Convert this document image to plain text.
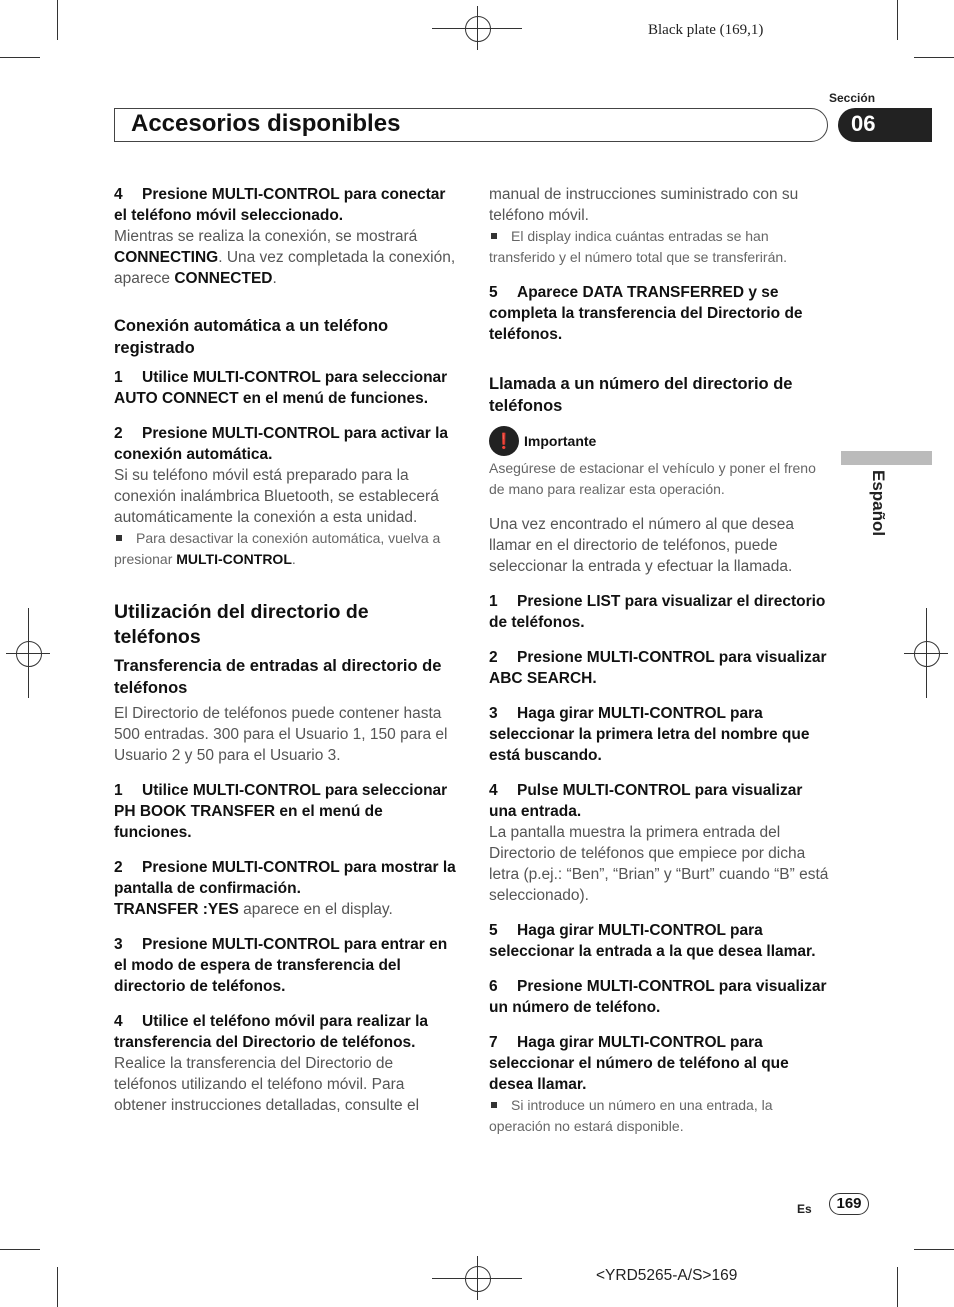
Black plate (169,1)
Sección
Accesorios disponibles	06
Español

4 Presione MULTI-CONTROL para conectar el teléfono móvil seleccionado.

Mientras se realiza la conexión, se mostrará CONNECTING. Una vez completada la conexión, aparece CONNECTED.

Conexión automática a un teléfono registrado

1 Utilice MULTI-CONTROL para seleccionar AUTO CONNECT en el menú de funciones.

2 Presione MULTI-CONTROL para activar la conexión automática.

Si su teléfono móvil está preparado para la conexión inalámbrica Bluetooth, se establecerá automáticamente la conexión a esta unidad.

Para desactivar la conexión automática, vuelva a presionar MULTI-CONTROL.

Utilización del directorio de teléfonos

Transferencia de entradas al directorio de teléfonos

El Directorio de teléfonos puede contener hasta 500 entradas. 300 para el Usuario 1, 150 para el Usuario 2 y 50 para el Usuario 3.

1 Utilice MULTI-CONTROL para seleccionar PH BOOK TRANSFER en el menú de funciones.

2 Presione MULTI-CONTROL para mostrar la pantalla de confirmación.

TRANSFER :YES aparece en el display.

3 Presione MULTI-CONTROL para entrar en el modo de espera de transferencia del directorio de teléfonos.

4 Utilice el teléfono móvil para realizar la transferencia del Directorio de teléfonos.

Realice la transferencia del Directorio de teléfonos utilizando el teléfono móvil. Para obtener instrucciones detalladas, consulte el

manual de instrucciones suministrado con su teléfono móvil.

El display indica cuántas entradas se han transferido y el número total que se transferirán.

5 Aparece DATA TRANSFERRED y se completa la transferencia del Directorio de teléfonos.

Llamada a un número del directorio de teléfonos

❗ Importante

Asegúrese de estacionar el vehículo y poner el freno de mano para realizar esta operación.

Una vez encontrado el número al que desea llamar en el directorio de teléfonos, puede seleccionar la entrada y efectuar la llamada.

1 Presione LIST para visualizar el directorio de teléfonos.

2 Presione MULTI-CONTROL para visualizar ABC SEARCH.

3 Haga girar MULTI-CONTROL para seleccionar la primera letra del nombre que está buscando.

4 Pulse MULTI-CONTROL para visualizar una entrada.

La pantalla muestra la primera entrada del Directorio de teléfonos que empiece por dicha letra (p.ej.: “Ben”, “Brian” y “Burt” cuando “B” está seleccionado).

5 Haga girar MULTI-CONTROL para seleccionar la entrada a la que desea llamar.

6 Presione MULTI-CONTROL para visualizar un número de teléfono.

7 Haga girar MULTI-CONTROL para seleccionar el número de teléfono al que desea llamar.

Si introduce un número en una entrada, la operación no estará disponible.

Es	169
<YRD5265-A/S>169
